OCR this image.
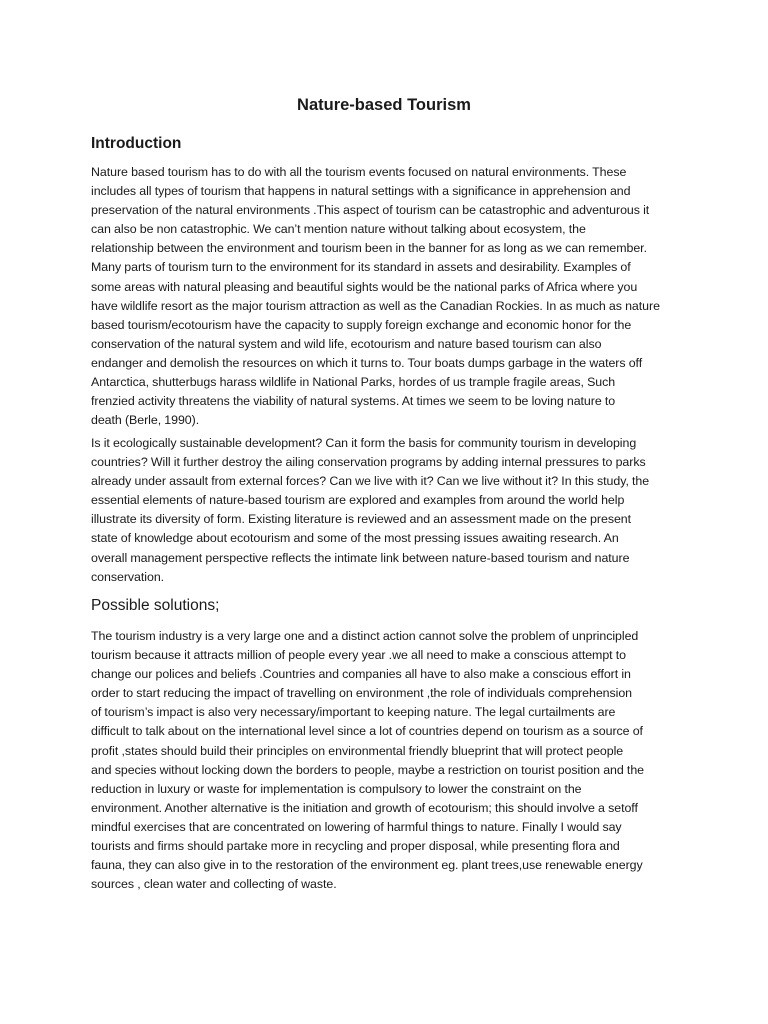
Nature-based Tourism
Introduction

Nature based tourism has to do with all the tourism events focused on natural environments. These
includes all types of tourism that happens in natural settings with a significance in apprehension and
preservation of the natural environments .This aspect of tourism can be catastrophic and adventurous it
can also be non catastrophic. We can’t mention nature without talking about ecosystem, the
relationship between the environment and tourism been in the banner for as long as we can remember.
Many parts of tourism turn to the environment for its standard in assets and desirability. Examples of
some areas with natural pleasing and beautiful sights would be the national parks of Africa where you
have wildlife resort as the major tourism attraction as well as the Canadian Rockies. In as much as nature
based tourism/ecotourism have the capacity to supply foreign exchange and economic honor for the
conservation of the natural system and wild life, ecotourism and nature based tourism can also
endanger and demolish the resources on which it turns to. Tour boats dumps garbage in the waters off
Antarctica, shutterbugs harass wildlife in National Parks, hordes of us trample fragile areas, Such
frenzied activity threatens the viability of natural systems. At times we seem to be loving nature to
death (Berle, 1990).

Is it ecologically sustainable development? Can it form the basis for community tourism in developing
countries? Will it further destroy the ailing conservation programs by adding internal pressures to parks
already under assault from external forces? Can we live with it? Can we live without it? In this study, the
essential elements of nature-based tourism are explored and examples from around the world help
illustrate its diversity of form. Existing literature is reviewed and an assessment made on the present
state of knowledge about ecotourism and some of the most pressing issues awaiting research. An
overall management perspective reflects the intimate link between nature-based tourism and nature
conservation.

Possible solutions;

The tourism industry is a very large one and a distinct action cannot solve the problem of unprincipled
tourism because it attracts million of people every year .we all need to make a conscious attempt to
change our polices and beliefs .Countries and companies all have to also make a conscious effort in
order to start reducing the impact of travelling on environment ,the role of individuals comprehension
of tourism’s impact is also very necessary/important to keeping nature. The legal curtailments are
difficult to talk about on the international level since a lot of countries depend on tourism as a source of
profit ,states should build their principles on environmental friendly blueprint that will protect people
and species without locking down the borders to people, maybe a restriction on tourist position and the
reduction in luxury or waste for implementation is compulsory to lower the constraint on the
environment. Another alternative is the initiation and growth of ecotourism; this should involve a setoff
mindful exercises that are concentrated on lowering of harmful things to nature. Finally I would say
tourists and firms should partake more in recycling and proper disposal, while presenting flora and
fauna, they can also give in to the restoration of the environment eg. plant trees,use renewable energy
sources , clean water and collecting of waste.
